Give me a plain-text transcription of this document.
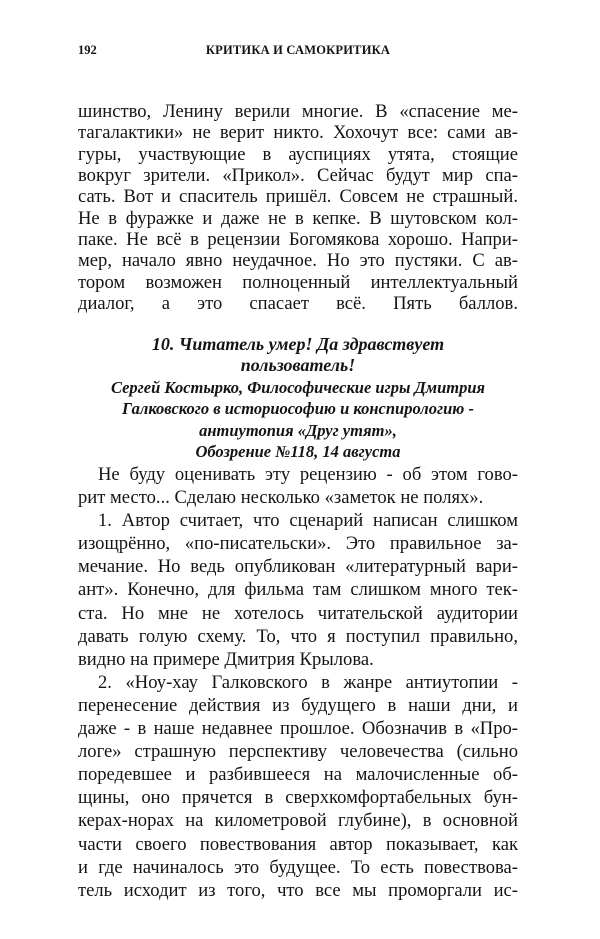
192	КРИТИКА И САМОКРИТИКА
шинство, Ленину верили многие. В «спасение ме-
тагалактики» не верит никто. Хохочут все: сами ав-
гуры, участвующие в ауспициях утята, стоящие
вокруг зрители. «Прикол». Сейчас будут мир спа-
сать. Вот и спаситель пришёл. Совсем не страшный.
Не в фуражке и даже не в кепке. В шутовском кол-
паке. Не всё в рецензии Богомякова хорошо. Напри-
мер, начало явно неудачное. Но это пустяки. С ав-
тором возможен полноценный интеллектуальный
диалог, а это спасает всё. Пять баллов.
10. Читатель умер! Да здравствует
пользователь!
Сергей Костырко, Философические игры Дмитрия
Галковского в историософию и конспирологию -
антиутопия «Друг утят»,
Обозрение №118, 14 августа
Не буду оценивать эту рецензию - об этом гово-
рит место... Сделаю несколько «заметок не полях».
1. Автор считает, что сценарий написан слишком
изощрённо, «по-писательски». Это правильное за-
мечание. Но ведь опубликован «литературный вари-
ант». Конечно, для фильма там слишком много тек-
ста. Но мне не хотелось читательской аудитории
давать голую схему. То, что я поступил правильно,
видно на примере Дмитрия Крылова.
2. «Ноу-хау Галковского в жанре антиутопии -
перенесение действия из будущего в наши дни, и
даже - в наше недавнее прошлое. Обозначив в «Про-
логе» страшную перспективу человечества (сильно
поредевшее и разбившееся на малочисленные об-
щины, оно прячется в сверхкомфортабельных бун-
керах-норах на километровой глубине), в основной
части своего повествования автор показывает, как
и где начиналось это будущее. То есть повествова-
тель исходит из того, что все мы проморгали ис-
